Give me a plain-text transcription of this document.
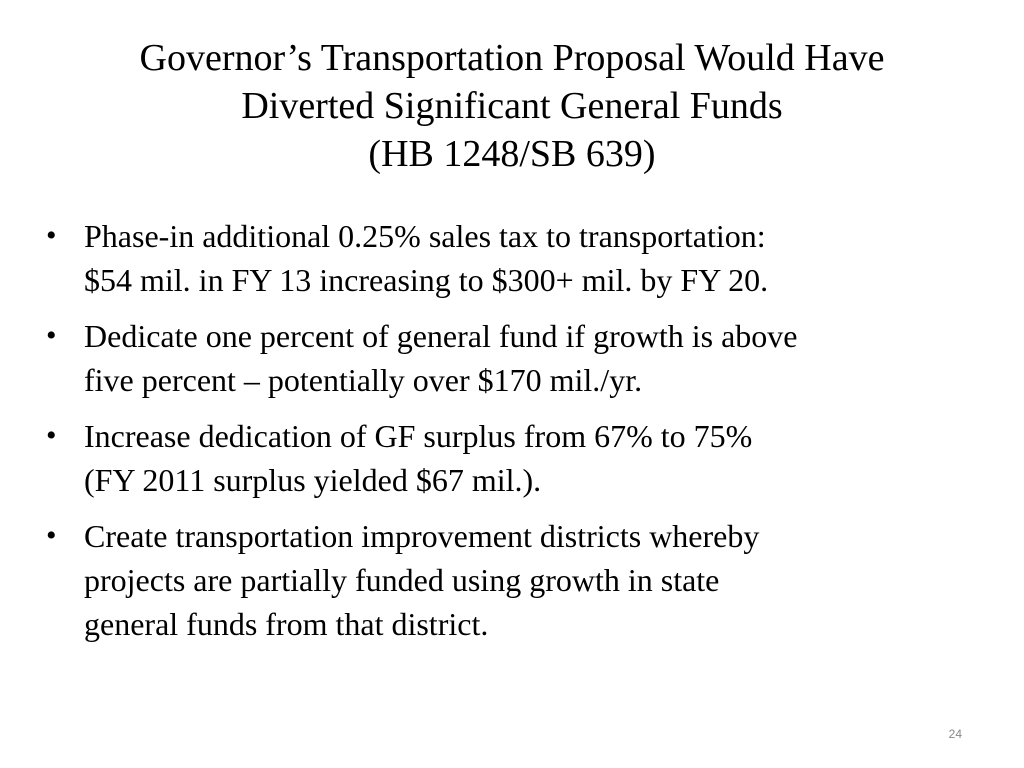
Governor’s Transportation Proposal Would Have
Diverted Significant General Funds
(HB 1248/SB 639)
• Phase-in additional 0.25% sales tax to transportation:
$54 mil. in FY 13 increasing to $300+ mil. by FY 20.
• Dedicate one percent of general fund if growth is above
five percent – potentially over $170 mil./yr.
• Increase dedication of GF surplus from 67% to 75%
(FY 2011 surplus yielded $67 mil.).
• Create transportation improvement districts whereby
projects are partially funded using growth in state
general funds from that district.
24
